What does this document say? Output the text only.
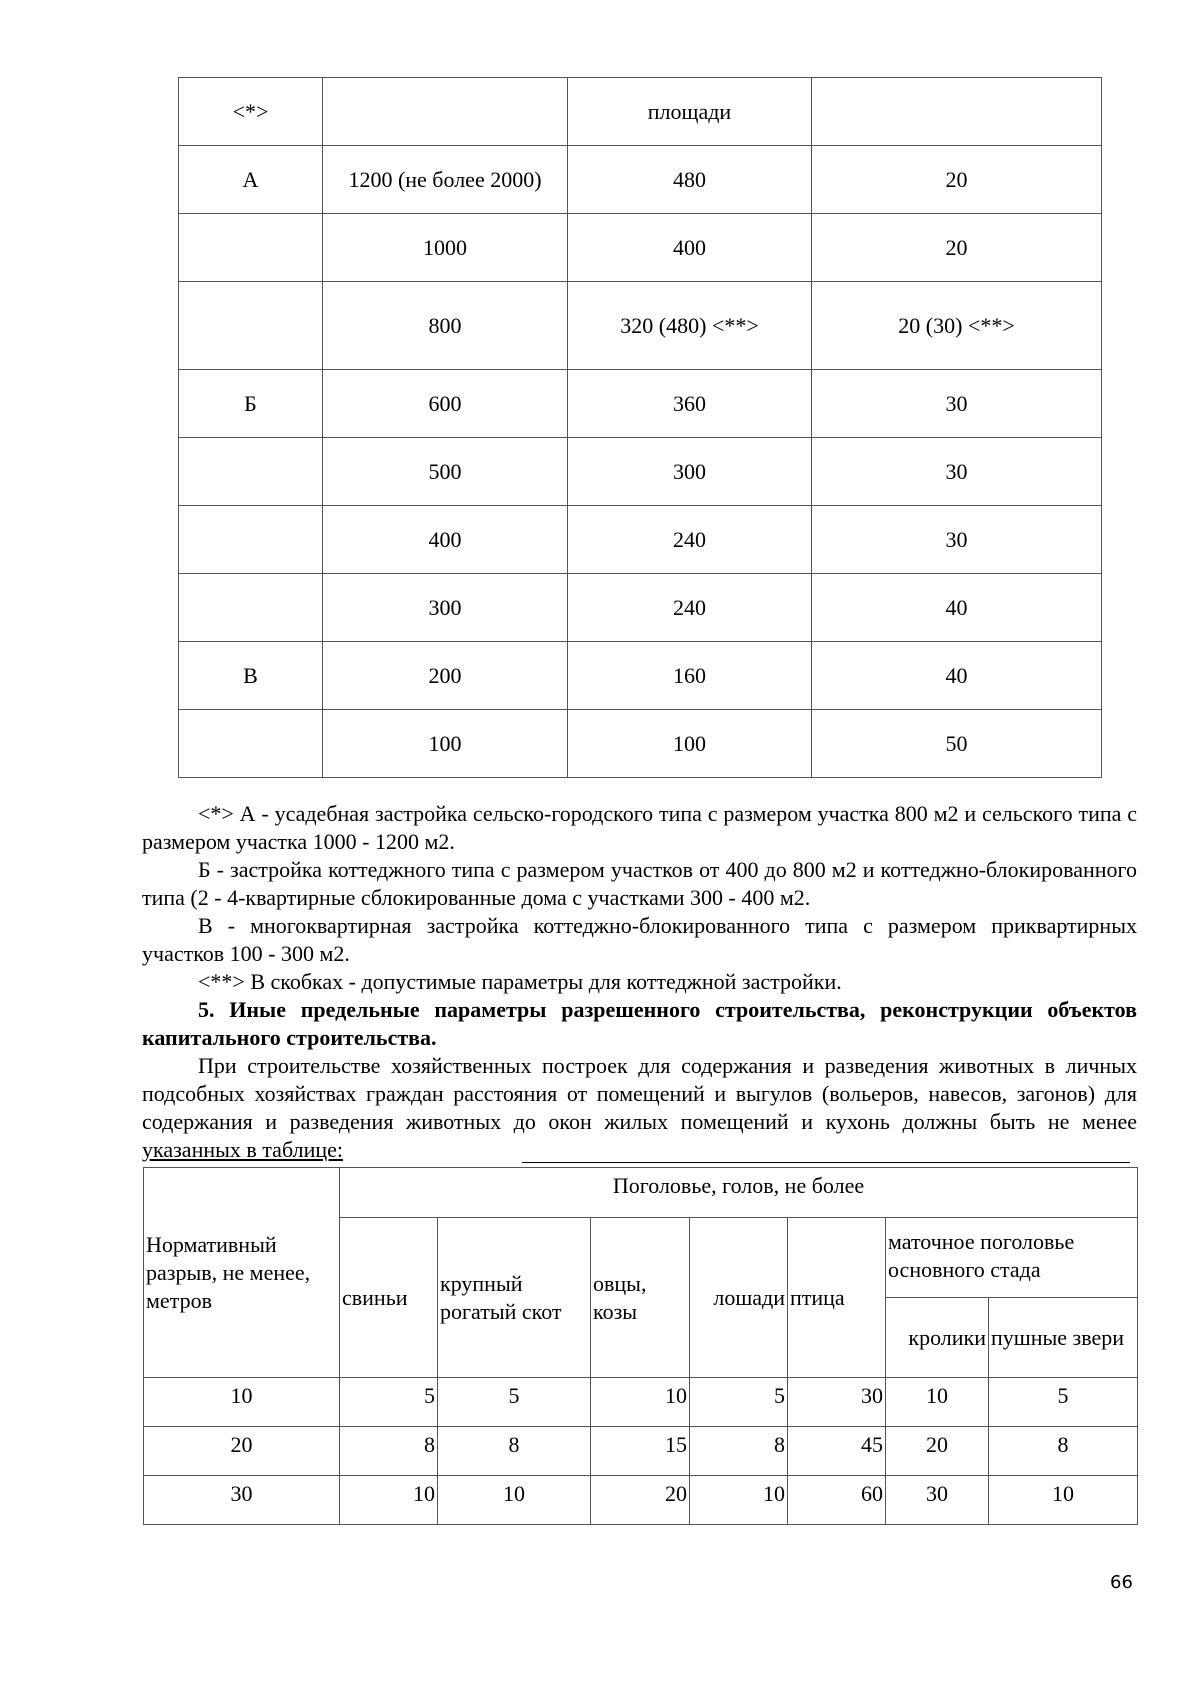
<*>		площади	
А	1200 (не более 2000)	480	20
	1000	400	20
	800	320 (480) <**>	20 (30) <**>
Б	600	360	30
	500	300	30
	400	240	30
	300	240	40
В	200	160	40
	100	100	50

<*> А - усадебная застройка сельско-городского типа с размером участка 800 м2 и сельского типа с размером участка 1000 - 1200 м2.

Б - застройка коттеджного типа с размером участков от 400 до 800 м2 и коттеджно-блокированного типа (2 - 4-квартирные сблокированные дома с участками 300 - 400 м2.

В - многоквартирная застройка коттеджно-блокированного типа с размером приквартирных участков 100 - 300 м2.

<**> В скобках - допустимые параметры для коттеджной застройки.

5. Иные предельные параметры разрешенного строительства, реконструкции объектов капитального строительства.

При строительстве хозяйственных построек для содержания и разведения животных в личных подсобных хозяйствах граждан расстояния от помещений и выгулов (вольеров, навесов, загонов) для содержания и разведения животных до окон жилых помещений и кухонь должны быть не менее указанных в таблице:

Нормативный разрыв, не менее, метров	Поголовье, голов, не более						
	свиньи	крупный рогатый скот	овцы, козы	лошади	птица	маточное поголовье основного стада	
						кролики	пушные звери
10	5	5	10	5	30	10	5
20	8	8	15	8	45	20	8
30	10	10	20	10	60	30	10
66
